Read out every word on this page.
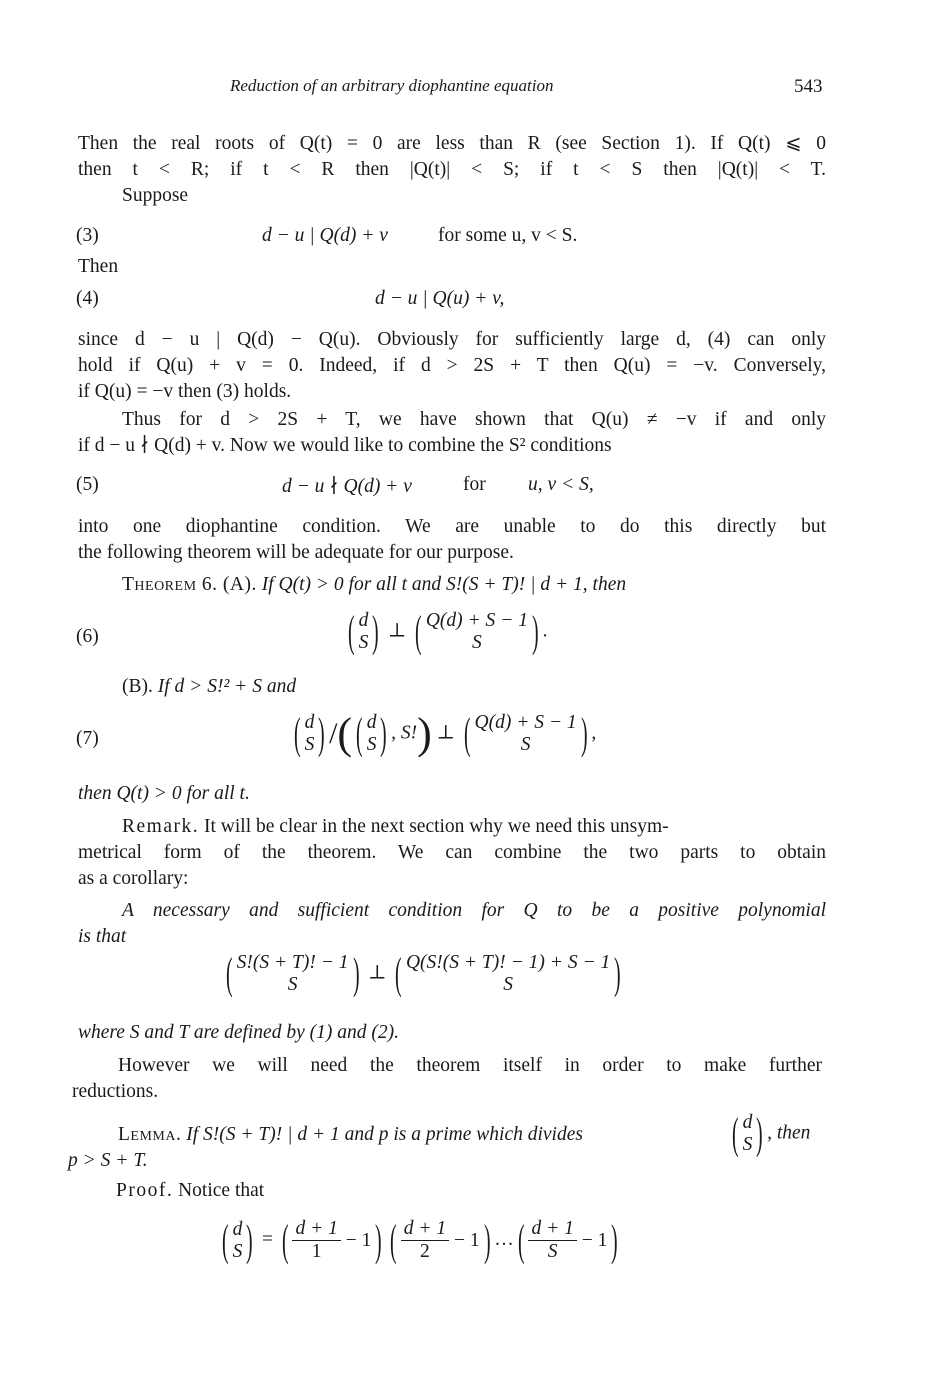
Reduction of an arbitrary diophantine equation	543
Then the real roots of Q(t) = 0 are less than R (see Section 1). If Q(t) ⩽ 0
then t < R; if t < R then |Q(t)| < S; if t < S then |Q(t)| < T.
Suppose
(3)	d − u | Q(d) + v	for some u, v < S.
Then
(4)	d − u | Q(u) + v,
since d − u | Q(d) − Q(u). Obviously for sufficiently large d, (4) can only
hold if Q(u) + v = 0. Indeed, if d > 2S + T then Q(u) = −v. Conversely,
if Q(u) = −v then (3) holds.
Thus for d > 2S + T, we have shown that Q(u) ≠ −v if and only
if d − u ∤ Q(d) + v. Now we would like to combine the S² conditions
(5)	d − u ∤ Q(d) + v	for u, v < S,
into one diophantine condition. We are unable to do this directly but
the following theorem will be adequate for our purpose.
Theorem 6. (A). If Q(t) > 0 for all t and S!(S + T)! | d + 1, then
(6)	( d
S ) ⊥ ( Q(d) + S − 1
S ) .
(B). If d > S!² + S and
(7)	( d
S ) /( ( d
S ) , S!) ⊥ ( Q(d) + S − 1
S ) ,
then Q(t) > 0 for all t.
Remark. It will be clear in the next section why we need this unsym-
metrical form of the theorem. We can combine the two parts to obtain
as a corollary:
A necessary and sufficient condition for Q to be a positive polynomial
is that
( S!(S + T)! − 1
S ) ⊥ ( Q(S!(S + T)! − 1) + S − 1
S )
where S and T are defined by (1) and (2).
However we will need the theorem itself in order to make further
reductions.
Lemma. If S!(S + T)! | d + 1 and p is a prime which divides	( d
S ) , then
p > S + T.
Proof. Notice that
( d
S ) = ( $\frac{d + 1}{1}$
− 1 ) ( $\frac{d + 1}{2}$
− 1 ) … ( $\frac{d + 1}{S}$
− 1 )
